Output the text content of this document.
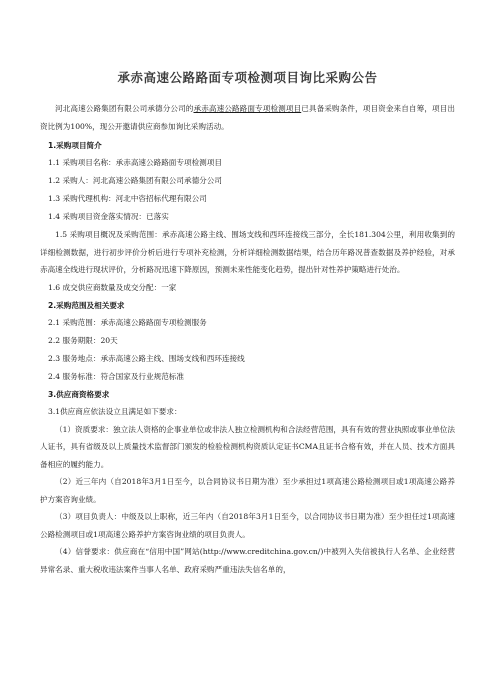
承赤高速公路路面专项检测项目询比采购公告

河北高速公路集团有限公司承德分公司的承赤高速公路路面专项检测项目已具备采购条件，项目资金来自自筹，项目出资比例为100%，现公开邀请供应商参加询比采购活动。

1.采购项目简介

1.1 采购项目名称：承赤高速公路路面专项检测项目

1.2 采购人：河北高速公路集团有限公司承德分公司

1.3 采购代理机构：河北中咨招标代理有限公司

1.4 采购项目资金落实情况：已落实

1.5 采购项目概况及采购范围：承赤高速公路主线、围场支线和西环连接线三部分，全长181.304公里，利用收集到的详细检测数据，进行初步评价分析后进行专项补充检测，分析详细检测数据结果，结合历年路况普查数据及养护经验，对承赤高速全线进行现状评价，分析路况迅速下降原因，预测未来性能变化趋势，提出针对性养护策略进行处治。

1.6 成交供应商数量及成交分配：一家

2.采购范围及相关要求

2.1 采购范围：承赤高速公路路面专项检测服务

2.2 服务期限：20天

2.3 服务地点：承赤高速公路主线、围场支线和西环连接线

2.4 服务标准：符合国家及行业规范标准

3.供应商资格要求

3.1供应商应依法设立且满足如下要求：

（1）资质要求：独立法人资格的企事业单位或非法人独立检测机构和合法经营范围，具有有效的营业执照或事业单位法人证书，具有省级及以上质量技术监督部门颁发的检验检测机构资质认定证书CMA且证书合格有效，并在人员、技术方面具备相应的履约能力。

（2）近三年内（自2018年3月1日至今，以合同协议书日期为准）至少承担过1项高速公路检测项目或1项高速公路养护方案咨询业绩。

（3）项目负责人：中级及以上职称，近三年内（自2018年3月1日至今，以合同协议书日期为准）至少担任过1项高速公路检测项目或1项高速公路养护方案咨询业绩的项目负责人。

（4）信誉要求：供应商在“信用中国”网站(http://www.creditchina.gov.cn/)中被列入失信被执行人名单、企业经营异常名录、重大税收违法案件当事人名单、政府采购严重违法失信名单的，
